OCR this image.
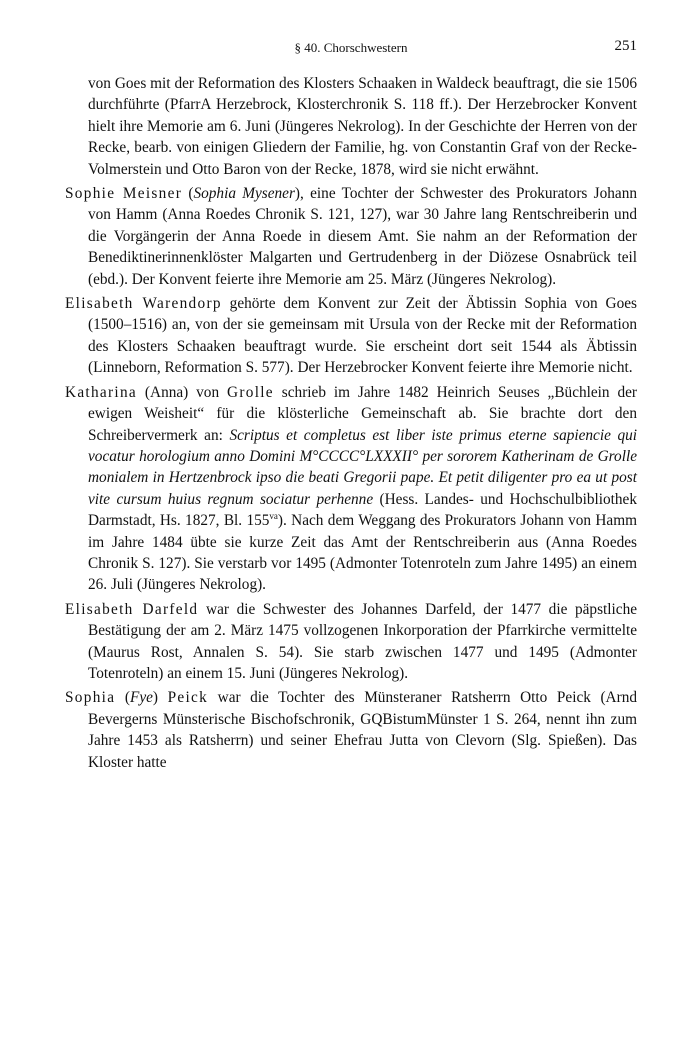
§ 40. Chorschwestern	251

von Goes mit der Reformation des Klosters Schaaken in Waldeck beauftragt, die sie 1506 durchführte (PfarrA Herzebrock, Klosterchronik S. 118 ff.). Der Herzebrocker Konvent hielt ihre Memorie am 6. Juni (Jüngeres Nekrolog). In der Geschichte der Herren von der Recke, bearb. von einigen Gliedern der Familie, hg. von Constantin Graf von der Recke-Volmerstein und Otto Baron von der Recke, 1878, wird sie nicht erwähnt.

Sophie Meisner (Sophia Mysener), eine Tochter der Schwester des Prokurators Johann von Hamm (Anna Roedes Chronik S. 121, 127), war 30 Jahre lang Rentschreiberin und die Vorgängerin der Anna Roede in diesem Amt. Sie nahm an der Reformation der Benediktinerinnenklöster Malgarten und Gertrudenberg in der Diözese Osnabrück teil (ebd.). Der Konvent feierte ihre Memorie am 25. März (Jüngeres Nekrolog).

Elisabeth Warendorp gehörte dem Konvent zur Zeit der Äbtissin Sophia von Goes (1500–1516) an, von der sie gemeinsam mit Ursula von der Recke mit der Reformation des Klosters Schaaken beauftragt wurde. Sie erscheint dort seit 1544 als Äbtissin (Linneborn, Reformation S. 577). Der Herzebrocker Konvent feierte ihre Memorie nicht.

Katharina (Anna) von Grolle schrieb im Jahre 1482 Heinrich Seuses „Büchlein der ewigen Weisheit“ für die klösterliche Gemeinschaft ab. Sie brachte dort den Schreibervermerk an: Scriptus et completus est liber iste primus eterne sapiencie qui vocatur horologium anno Domini M°CCCC°LXXXII° per sororem Katherinam de Grolle monialem in Hertzenbrock ipso die beati Gregorii pape. Et petit diligenter pro ea ut post vite cursum huius regnum sociatur perhenne (Hess. Landes- und Hochschulbibliothek Darmstadt, Hs. 1827, Bl. $155^{va}$). Nach dem Weggang des Prokurators Johann von Hamm im Jahre 1484 übte sie kurze Zeit das Amt der Rentschreiberin aus (Anna Roedes Chronik S. 127). Sie verstarb vor 1495 (Admonter Totenroteln zum Jahre 1495) an einem 26. Juli (Jüngeres Nekrolog).

Elisabeth Darfeld war die Schwester des Johannes Darfeld, der 1477 die päpstliche Bestätigung der am 2. März 1475 vollzogenen Inkorporation der Pfarrkirche vermittelte (Maurus Rost, Annalen S. 54). Sie starb zwischen 1477 und 1495 (Admonter Totenroteln) an einem 15. Juni (Jüngeres Nekrolog).

Sophia (Fye) Peick war die Tochter des Münsteraner Ratsherrn Otto Peick (Arnd Bevergerns Münsterische Bischofschronik, GQBistumMünster 1 S. 264, nennt ihn zum Jahre 1453 als Ratsherrn) und seiner Ehefrau Jutta von Clevorn (Slg. Spießen). Das Kloster hatte
